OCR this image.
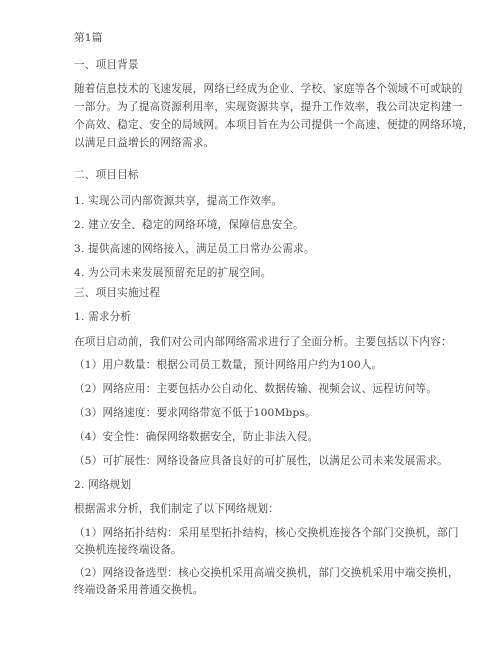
第1篇
一、项目背景
随着信息技术的飞速发展，网络已经成为企业、学校、家庭等各个领域不可或缺的
一部分。为了提高资源利用率，实现资源共享，提升工作效率，我公司决定构建一
个高效、稳定、安全的局域网。本项目旨在为公司提供一个高速、便捷的网络环境，
以满足日益增长的网络需求。
二、项目目标
1. 实现公司内部资源共享，提高工作效率。
2. 建立安全、稳定的网络环境，保障信息安全。
3. 提供高速的网络接入，满足员工日常办公需求。
4. 为公司未来发展预留充足的扩展空间。
三、项目实施过程
1. 需求分析
在项目启动前，我们对公司内部网络需求进行了全面分析。主要包括以下内容：
（1）用户数量：根据公司员工数量，预计网络用户约为100人。
（2）网络应用：主要包括办公自动化、数据传输、视频会议、远程访问等。
（3）网络速度：要求网络带宽不低于100Mbps。
（4）安全性：确保网络数据安全，防止非法入侵。
（5）可扩展性：网络设备应具备良好的可扩展性，以满足公司未来发展需求。
2. 网络规划
根据需求分析，我们制定了以下网络规划：
（1）网络拓扑结构：采用星型拓扑结构，核心交换机连接各个部门交换机，部门
交换机连接终端设备。
（2）网络设备选型：核心交换机采用高端交换机，部门交换机采用中端交换机，
终端设备采用普通交换机。
